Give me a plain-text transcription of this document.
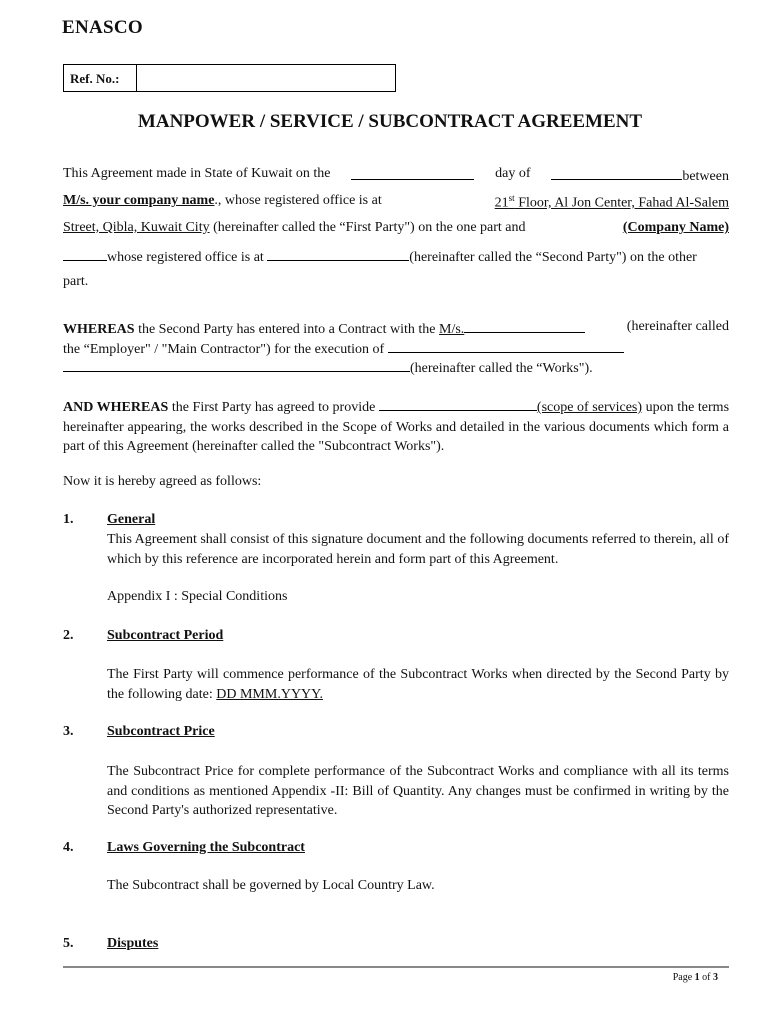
ENASCO
Ref. No.:
MANPOWER / SERVICE / SUBCONTRACT AGREEMENT
This Agreement made in State of Kuwait on the	day of	between
M/s. your company name., whose registered office is at	21st Floor, Al Jon Center, Fahad Al-Salem
Street, Qibla, Kuwait City (hereinafter called the “First Party") on the one part and	(Company Name)
whose registered office is at	(hereinafter called the “Second Party") on the other
part.
WHEREAS the Second Party has entered into a Contract with the M/s.	(hereinafter called
the “Employer" / "Main Contractor") for the execution of
(hereinafter called the “Works").
AND WHEREAS the First Party has agreed to provide	(scope of services) upon the terms hereinafter appearing, the works described in the Scope of Works and detailed in the various documents which form a part of this Agreement (hereinafter called the "Subcontract Works").
Now it is hereby agreed as follows:
1. General
This Agreement shall consist of this signature document and the following documents referred to therein, all of which by this reference are incorporated herein and form part of this Agreement.
Appendix I : Special Conditions
2. Subcontract Period
The First Party will commence performance of the Subcontract Works when directed by the Second Party by the following date: DD MMM.YYYY.
3. Subcontract Price
The Subcontract Price for complete performance of the Subcontract Works and compliance with all its terms and conditions as mentioned Appendix -II: Bill of Quantity. Any changes must be confirmed in writing by the Second Party's authorized representative.
4. Laws Governing the Subcontract
The Subcontract shall be governed by Local Country Law.
5. Disputes
Page 1 of 3
